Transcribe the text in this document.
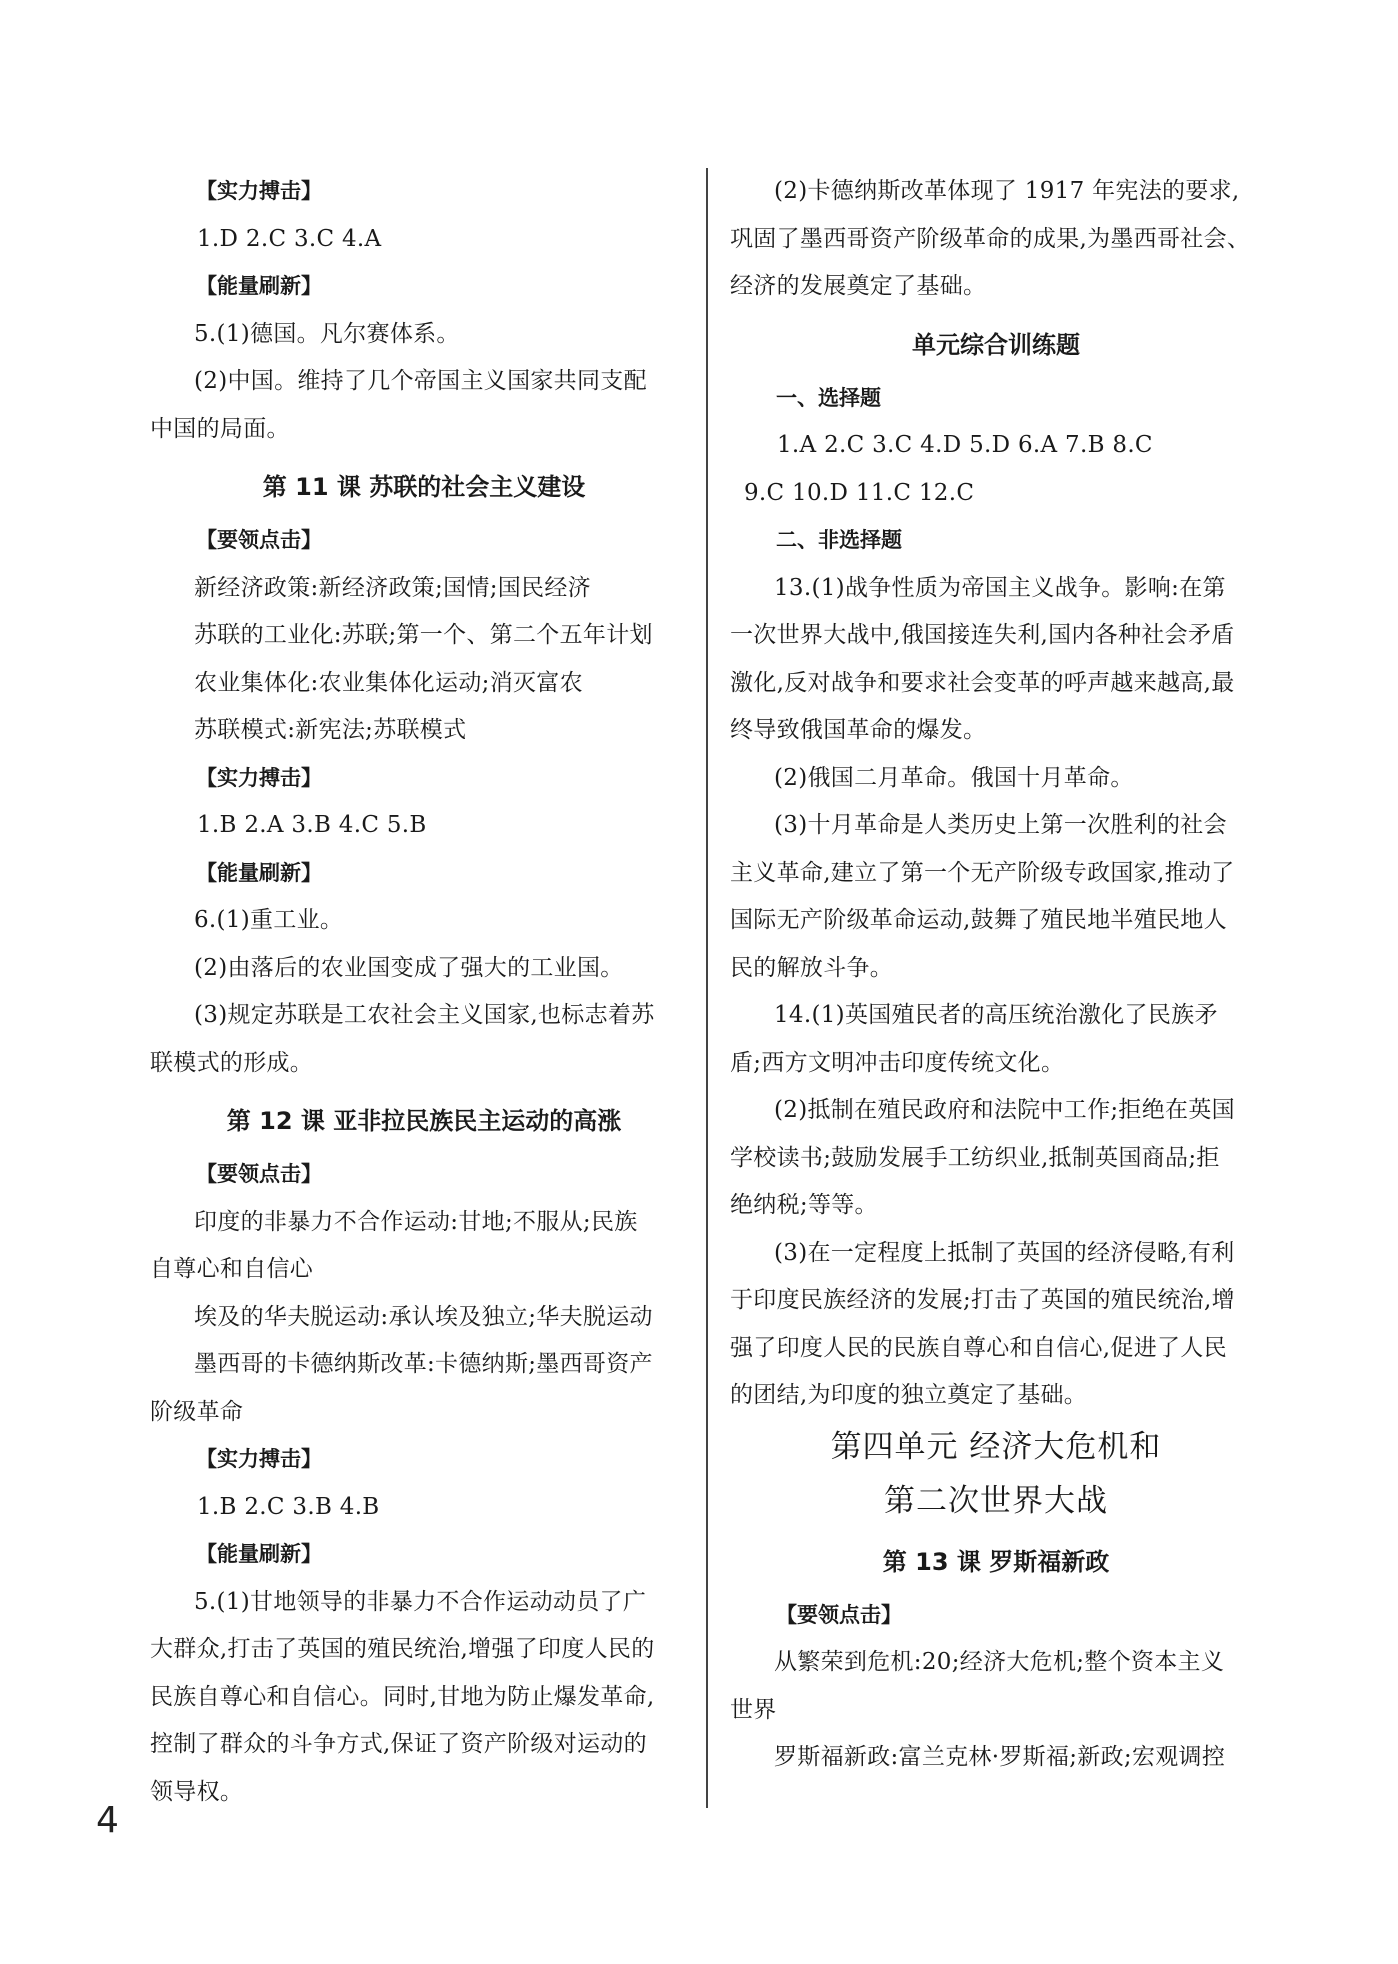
【实力搏击】
1.D 2.C 3.C 4.A
【能量刷新】
5.(1)德国。凡尔赛体系。
(2)中国。维持了几个帝国主义国家共同支配
中国的局面。
第 11 课 苏联的社会主义建设
【要领点击】
新经济政策:新经济政策;国情;国民经济
苏联的工业化:苏联;第一个、第二个五年计划
农业集体化:农业集体化运动;消灭富农
苏联模式:新宪法;苏联模式
【实力搏击】
1.B 2.A 3.B 4.C 5.B
【能量刷新】
6.(1)重工业。
(2)由落后的农业国变成了强大的工业国。
(3)规定苏联是工农社会主义国家,也标志着苏
联模式的形成。
第 12 课 亚非拉民族民主运动的高涨
【要领点击】
印度的非暴力不合作运动:甘地;不服从;民族
自尊心和自信心
埃及的华夫脱运动:承认埃及独立;华夫脱运动
墨西哥的卡德纳斯改革:卡德纳斯;墨西哥资产
阶级革命
【实力搏击】
1.B 2.C 3.B 4.B
【能量刷新】
5.(1)甘地领导的非暴力不合作运动动员了广
大群众,打击了英国的殖民统治,增强了印度人民的
民族自尊心和自信心。同时,甘地为防止爆发革命,
控制了群众的斗争方式,保证了资产阶级对运动的
领导权。
(2)卡德纳斯改革体现了 1917 年宪法的要求,
巩固了墨西哥资产阶级革命的成果,为墨西哥社会、
经济的发展奠定了基础。
单元综合训练题
一、选择题
1.A 2.C 3.C 4.D 5.D 6.A 7.B 8.C
9.C 10.D 11.C 12.C
二、非选择题
13.(1)战争性质为帝国主义战争。影响:在第
一次世界大战中,俄国接连失利,国内各种社会矛盾
激化,反对战争和要求社会变革的呼声越来越高,最
终导致俄国革命的爆发。
(2)俄国二月革命。俄国十月革命。
(3)十月革命是人类历史上第一次胜利的社会
主义革命,建立了第一个无产阶级专政国家,推动了
国际无产阶级革命运动,鼓舞了殖民地半殖民地人
民的解放斗争。
14.(1)英国殖民者的高压统治激化了民族矛
盾;西方文明冲击印度传统文化。
(2)抵制在殖民政府和法院中工作;拒绝在英国
学校读书;鼓励发展手工纺织业,抵制英国商品;拒
绝纳税;等等。
(3)在一定程度上抵制了英国的经济侵略,有利
于印度民族经济的发展;打击了英国的殖民统治,增
强了印度人民的民族自尊心和自信心,促进了人民
的团结,为印度的独立奠定了基础。
第四单元 经济大危机和
第二次世界大战
第 13 课 罗斯福新政
【要领点击】
从繁荣到危机:20;经济大危机;整个资本主义
世界
罗斯福新政:富兰克林·罗斯福;新政;宏观调控
4
